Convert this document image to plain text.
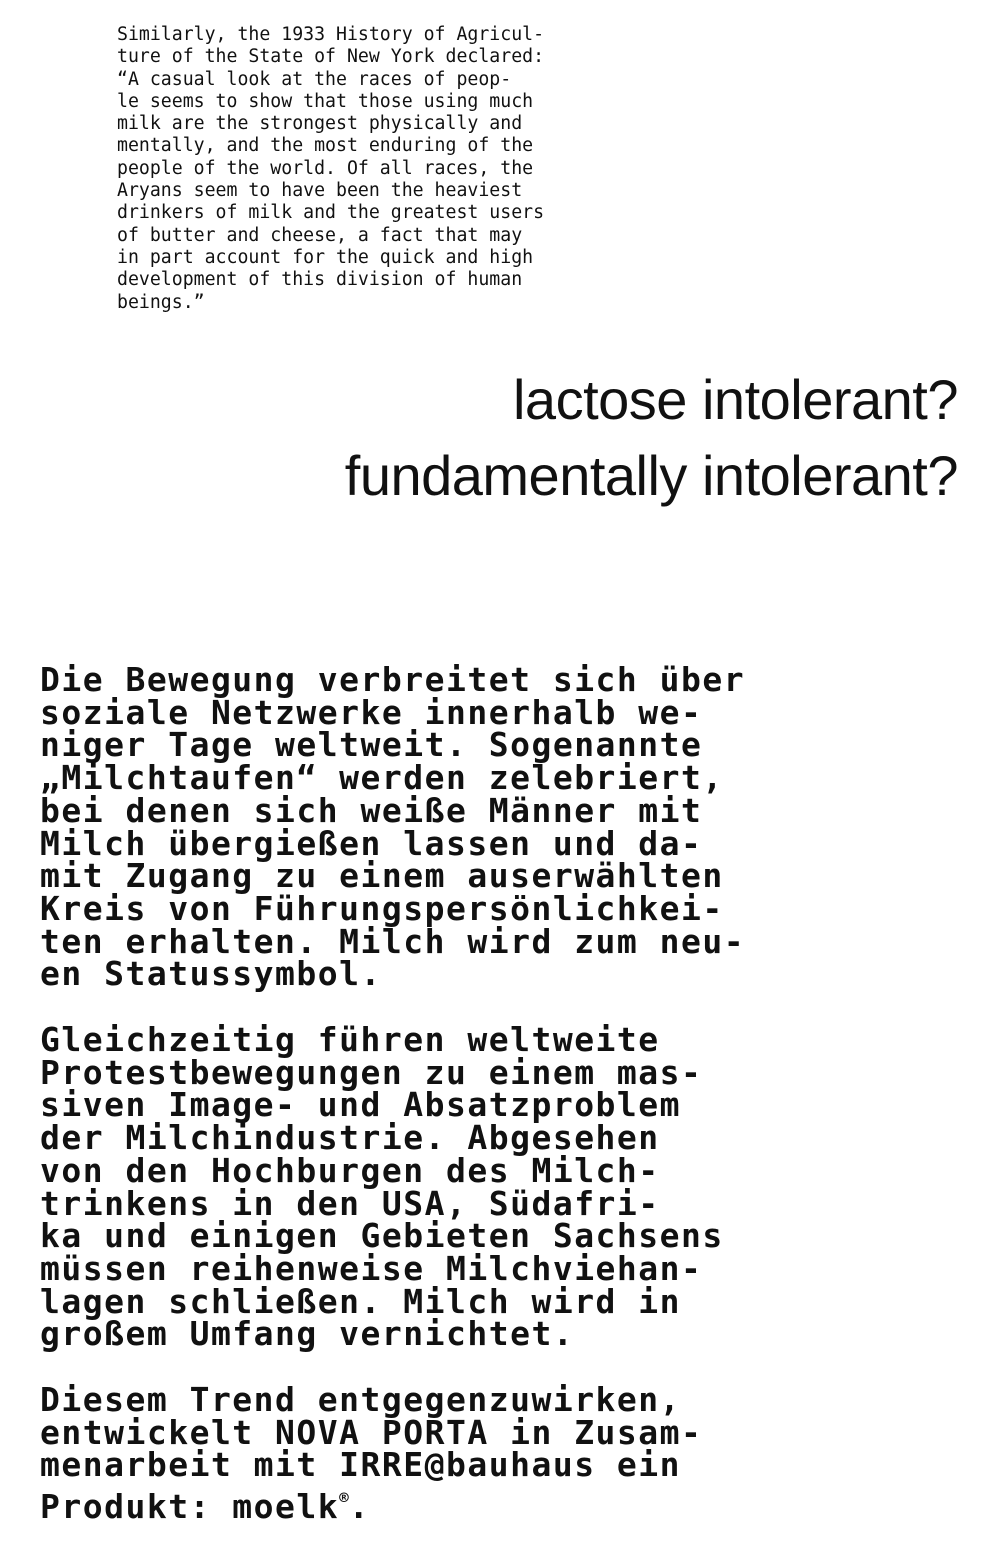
Similarly, the 1933 History of Agricul-
ture of the State of New York declared:
“A casual look at the races of peop-
le seems to show that those using much
milk are the strongest physically and
mentally, and the most enduring of the
people of the world. Of all races, the
Aryans seem to have been the heaviest
drinkers of milk and the greatest users
of butter and cheese, a fact that may
in part account for the quick and high
development of this division of human
beings.”
lactose intolerant?
fundamentally intolerant?

Die Bewegung verbreitet sich über
soziale Netzwerke innerhalb we-
niger Tage weltweit. Sogenannte
„Milchtaufen“ werden zelebriert,
bei denen sich weiße Männer mit
Milch übergießen lassen und da-
mit Zugang zu einem auserwählten
Kreis von Führungspersönlichkei-
ten erhalten. Milch wird zum neu-
en Statussymbol.

Gleichzeitig führen weltweite
Protestbewegungen zu einem mas-
siven Image- und Absatzproblem
der Milchindustrie. Abgesehen
von den Hochburgen des Milch-
trinkens in den USA, Südafri-
ka und einigen Gebieten Sachsens
müssen reihenweise Milchviehan-
lagen schließen. Milch wird in
großem Umfang vernichtet.

Diesem Trend entgegenzuwirken,
entwickelt NOVA PORTA in Zusam-
menarbeit mit IRRE@bauhaus ein
Produkt: moelk®.
